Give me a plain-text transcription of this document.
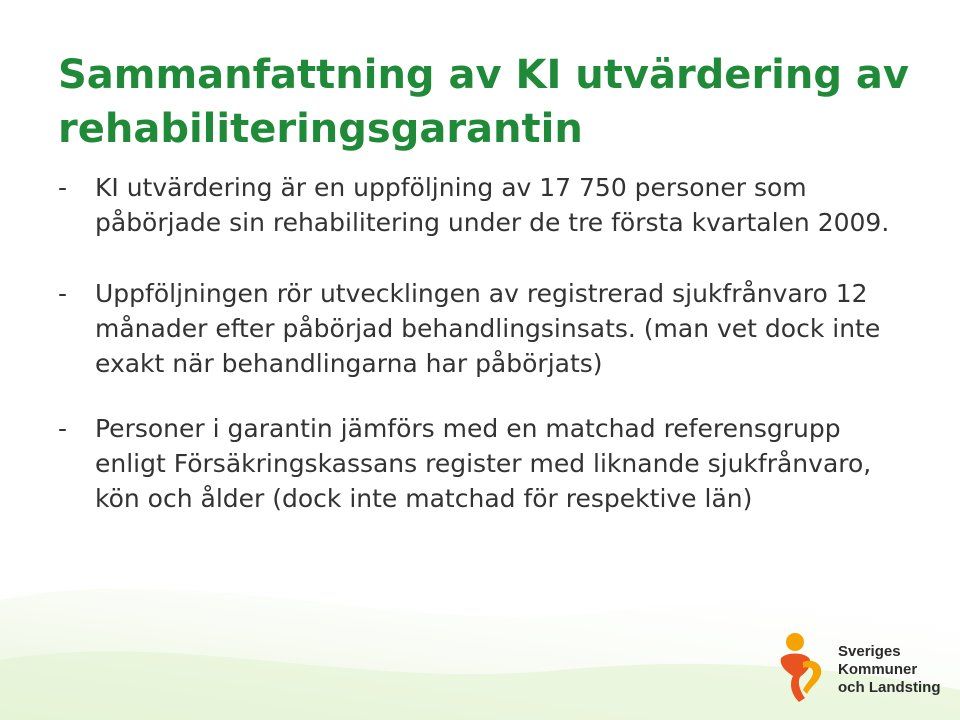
Sammanfattning av KI utvärdering av rehabiliteringsgarantin
- KI utvärdering är en uppföljning av 17 750 personer som påbörjade sin rehabilitering under de tre första kvartalen 2009.
- Uppföljningen rör utvecklingen av registrerad sjukfrånvaro 12 månader efter påbörjad behandlingsinsats. (man vet dock inte exakt när behandlingarna har påbörjats)
- Personer i garantin jämförs med en matchad referensgrupp enligt Försäkringskassans register med liknande sjukfrånvaro, kön och ålder (dock inte matchad för respektive län)
Sveriges
Kommuner
och Landsting
